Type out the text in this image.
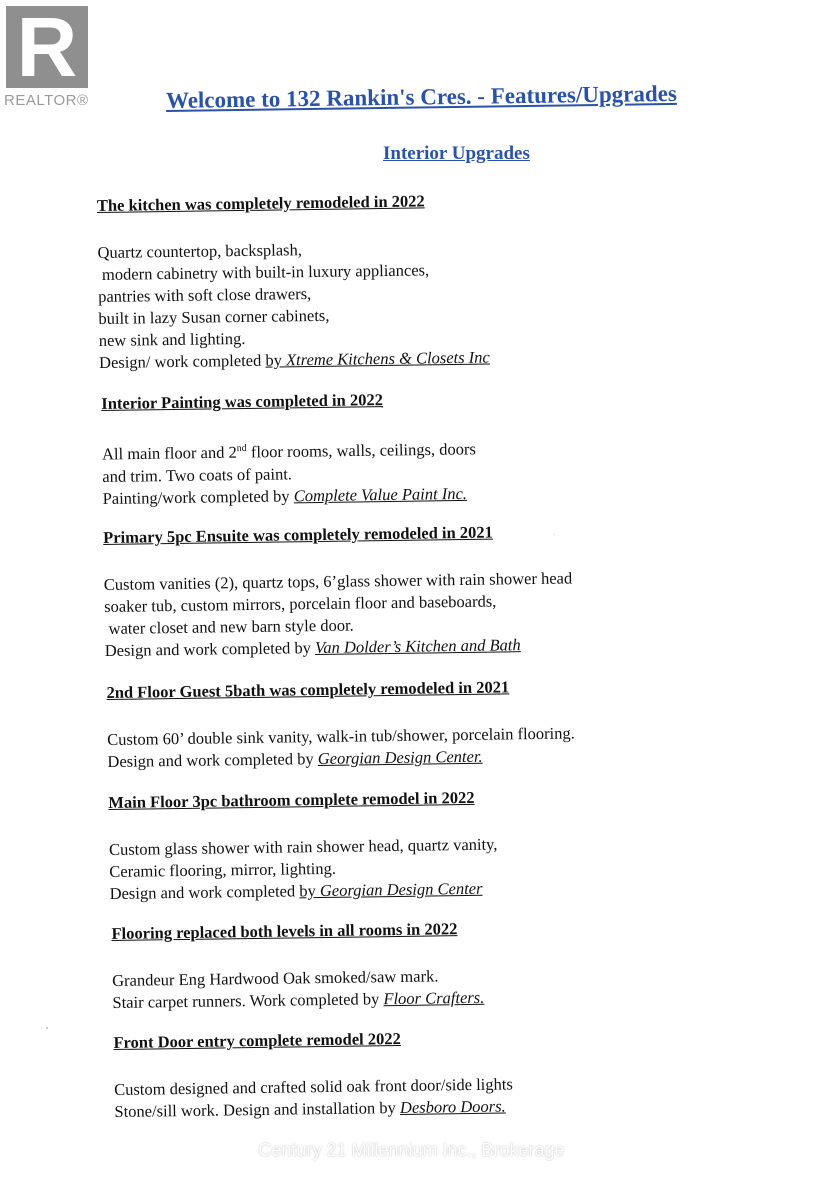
R
REALTOR®	Welcome to 132 Rankin's Cres. - Features/Upgrades
Interior Upgrades
The kitchen was completely remodeled in 2022
Quartz countertop, backsplash,
modern cabinetry with built-in luxury appliances,
pantries with soft close drawers,
built in lazy Susan corner cabinets,
new sink and lighting.
Design/ work completed by Xtreme Kitchens & Closets Inc
Interior Painting was completed in 2022
All main floor and 2nd floor rooms, walls, ceilings, doors
and trim. Two coats of paint.
Painting/work completed by Complete Value Paint Inc.
Primary 5pc Ensuite was completely remodeled in 2021
Custom vanities (2), quartz tops, 6’glass shower with rain shower head
soaker tub, custom mirrors, porcelain floor and baseboards,
water closet and new barn style door.
Design and work completed by Van Dolder’s Kitchen and Bath
2nd Floor Guest 5bath was completely remodeled in 2021
Custom 60’ double sink vanity, walk-in tub/shower, porcelain flooring.
Design and work completed by Georgian Design Center.
Main Floor 3pc bathroom complete remodel in 2022
Custom glass shower with rain shower head, quartz vanity,
Ceramic flooring, mirror, lighting.
Design and work completed by Georgian Design Center
Flooring replaced both levels in all rooms in 2022
Grandeur Eng Hardwood Oak smoked/saw mark.
Stair carpet runners. Work completed by Floor Crafters.
Front Door entry complete remodel 2022
Custom designed and crafted solid oak front door/side lights
Stone/sill work. Design and installation by Desboro Doors.
Century 21 Millennium Inc., Brokerage
